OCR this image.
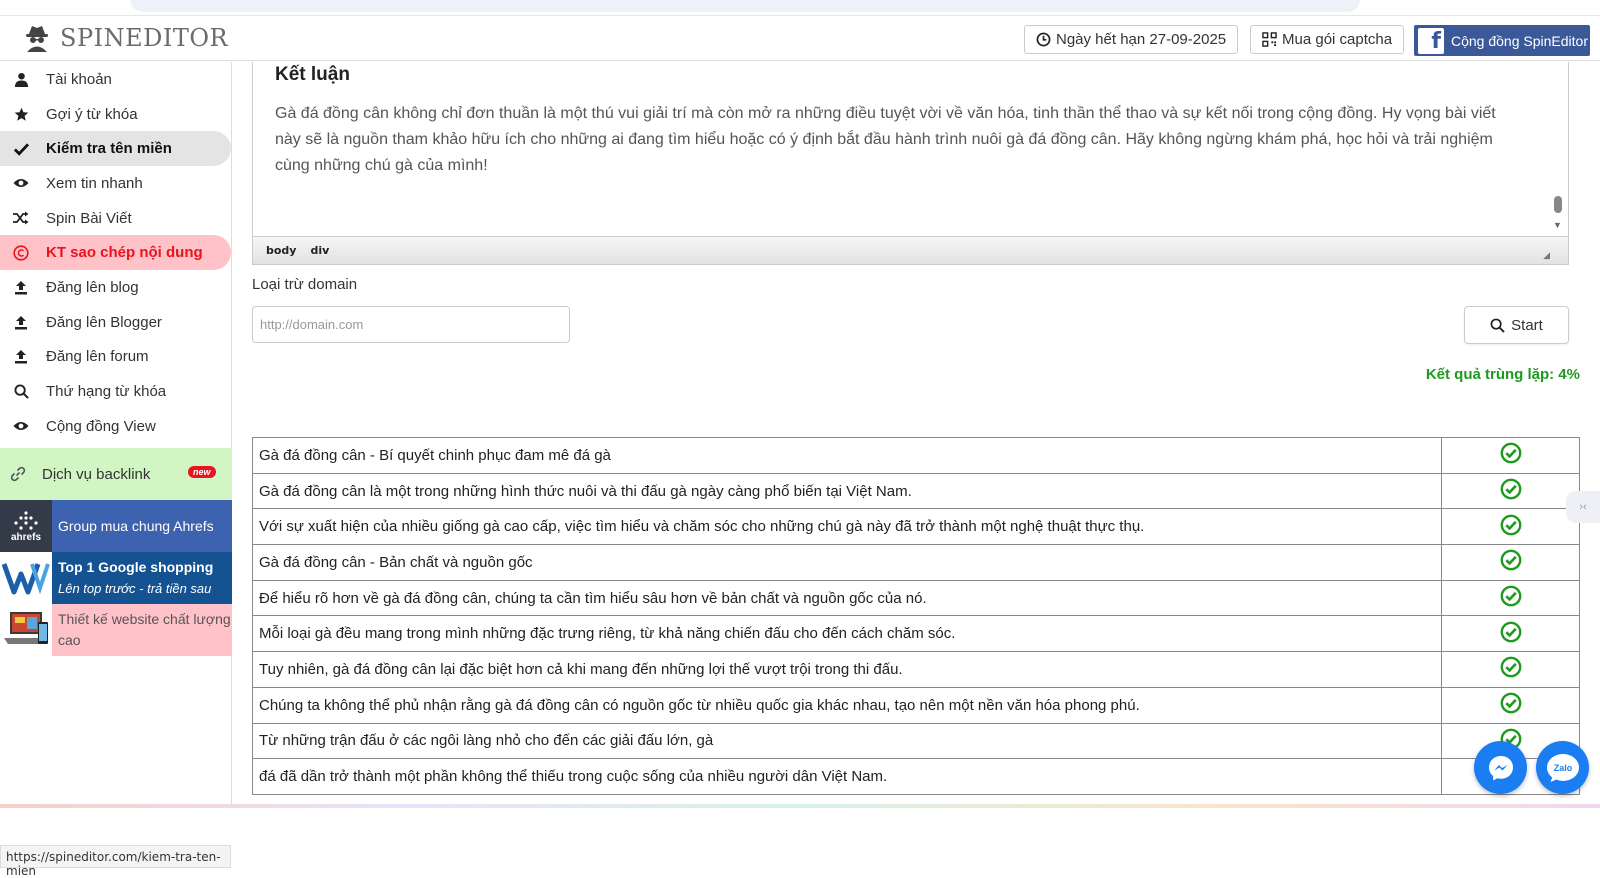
SPINEDITOR	Ngày hết hạn 27-09-2025	Mua gói captcha	f Cộng đồng SpinEditor
Tài khoản
Gợi ý từ khóa
Kiểm tra tên miền
Xem tin nhanh
Spin Bài Viết
KT sao chép nội dung
Đăng lên blog
Đăng lên Blogger
Đăng lên forum
Thứ hạng từ khóa
Cộng đồng View
Dịch vụ backlink	new
ahrefs
Group mua chung Ahrefs
Top 1 Google shopping
Lên top trước - trả tiền sau
Thiết kế website chất lượng cao
https://spineditor.com/kiem-tra-ten-mien
Kết luận
Gà đá đồng cân không chỉ đơn thuần là một thú vui giải trí mà còn mở ra những điều tuyệt vời về văn hóa, tinh thần thể thao và sự kết nối trong cộng đồng. Hy vọng bài viết này sẽ là nguồn tham khảo hữu ích cho những ai đang tìm hiểu hoặc có ý định bắt đầu hành trình nuôi gà đá đồng cân. Hãy không ngừng khám phá, học hỏi và trải nghiệm cùng những chú gà của mình!
▼
body div	◢
Loại trừ domain
http://domain.com
Start
Kết quả trùng lặp: 4%
Gà đá đồng cân - Bí quyết chinh phục đam mê đá gà	
Gà đá đồng cân là một trong những hình thức nuôi và thi đấu gà ngày càng phổ biến tại Việt Nam.	
Với sự xuất hiện của nhiều giống gà cao cấp, việc tìm hiểu và chăm sóc cho những chú gà này đã trở thành một nghệ thuật thực thụ.	
Gà đá đồng cân - Bản chất và nguồn gốc	
Để hiểu rõ hơn về gà đá đồng cân, chúng ta cần tìm hiểu sâu hơn về bản chất và nguồn gốc của nó.	
Mỗi loại gà đều mang trong mình những đặc trưng riêng, từ khả năng chiến đấu cho đến cách chăm sóc.	
Tuy nhiên, gà đá đồng cân lại đặc biệt hơn cả khi mang đến những lợi thế vượt trội trong thi đấu.	
Chúng ta không thể phủ nhận rằng gà đá đồng cân có nguồn gốc từ nhiều quốc gia khác nhau, tạo nên một nền văn hóa phong phú.	
Từ những trận đấu ở các ngôi làng nhỏ cho đến các giải đấu lớn, gà	
đá đã dần trở thành một phần không thể thiếu trong cuộc sống của nhiều người dân Việt Nam.	
›‹
Zalo
